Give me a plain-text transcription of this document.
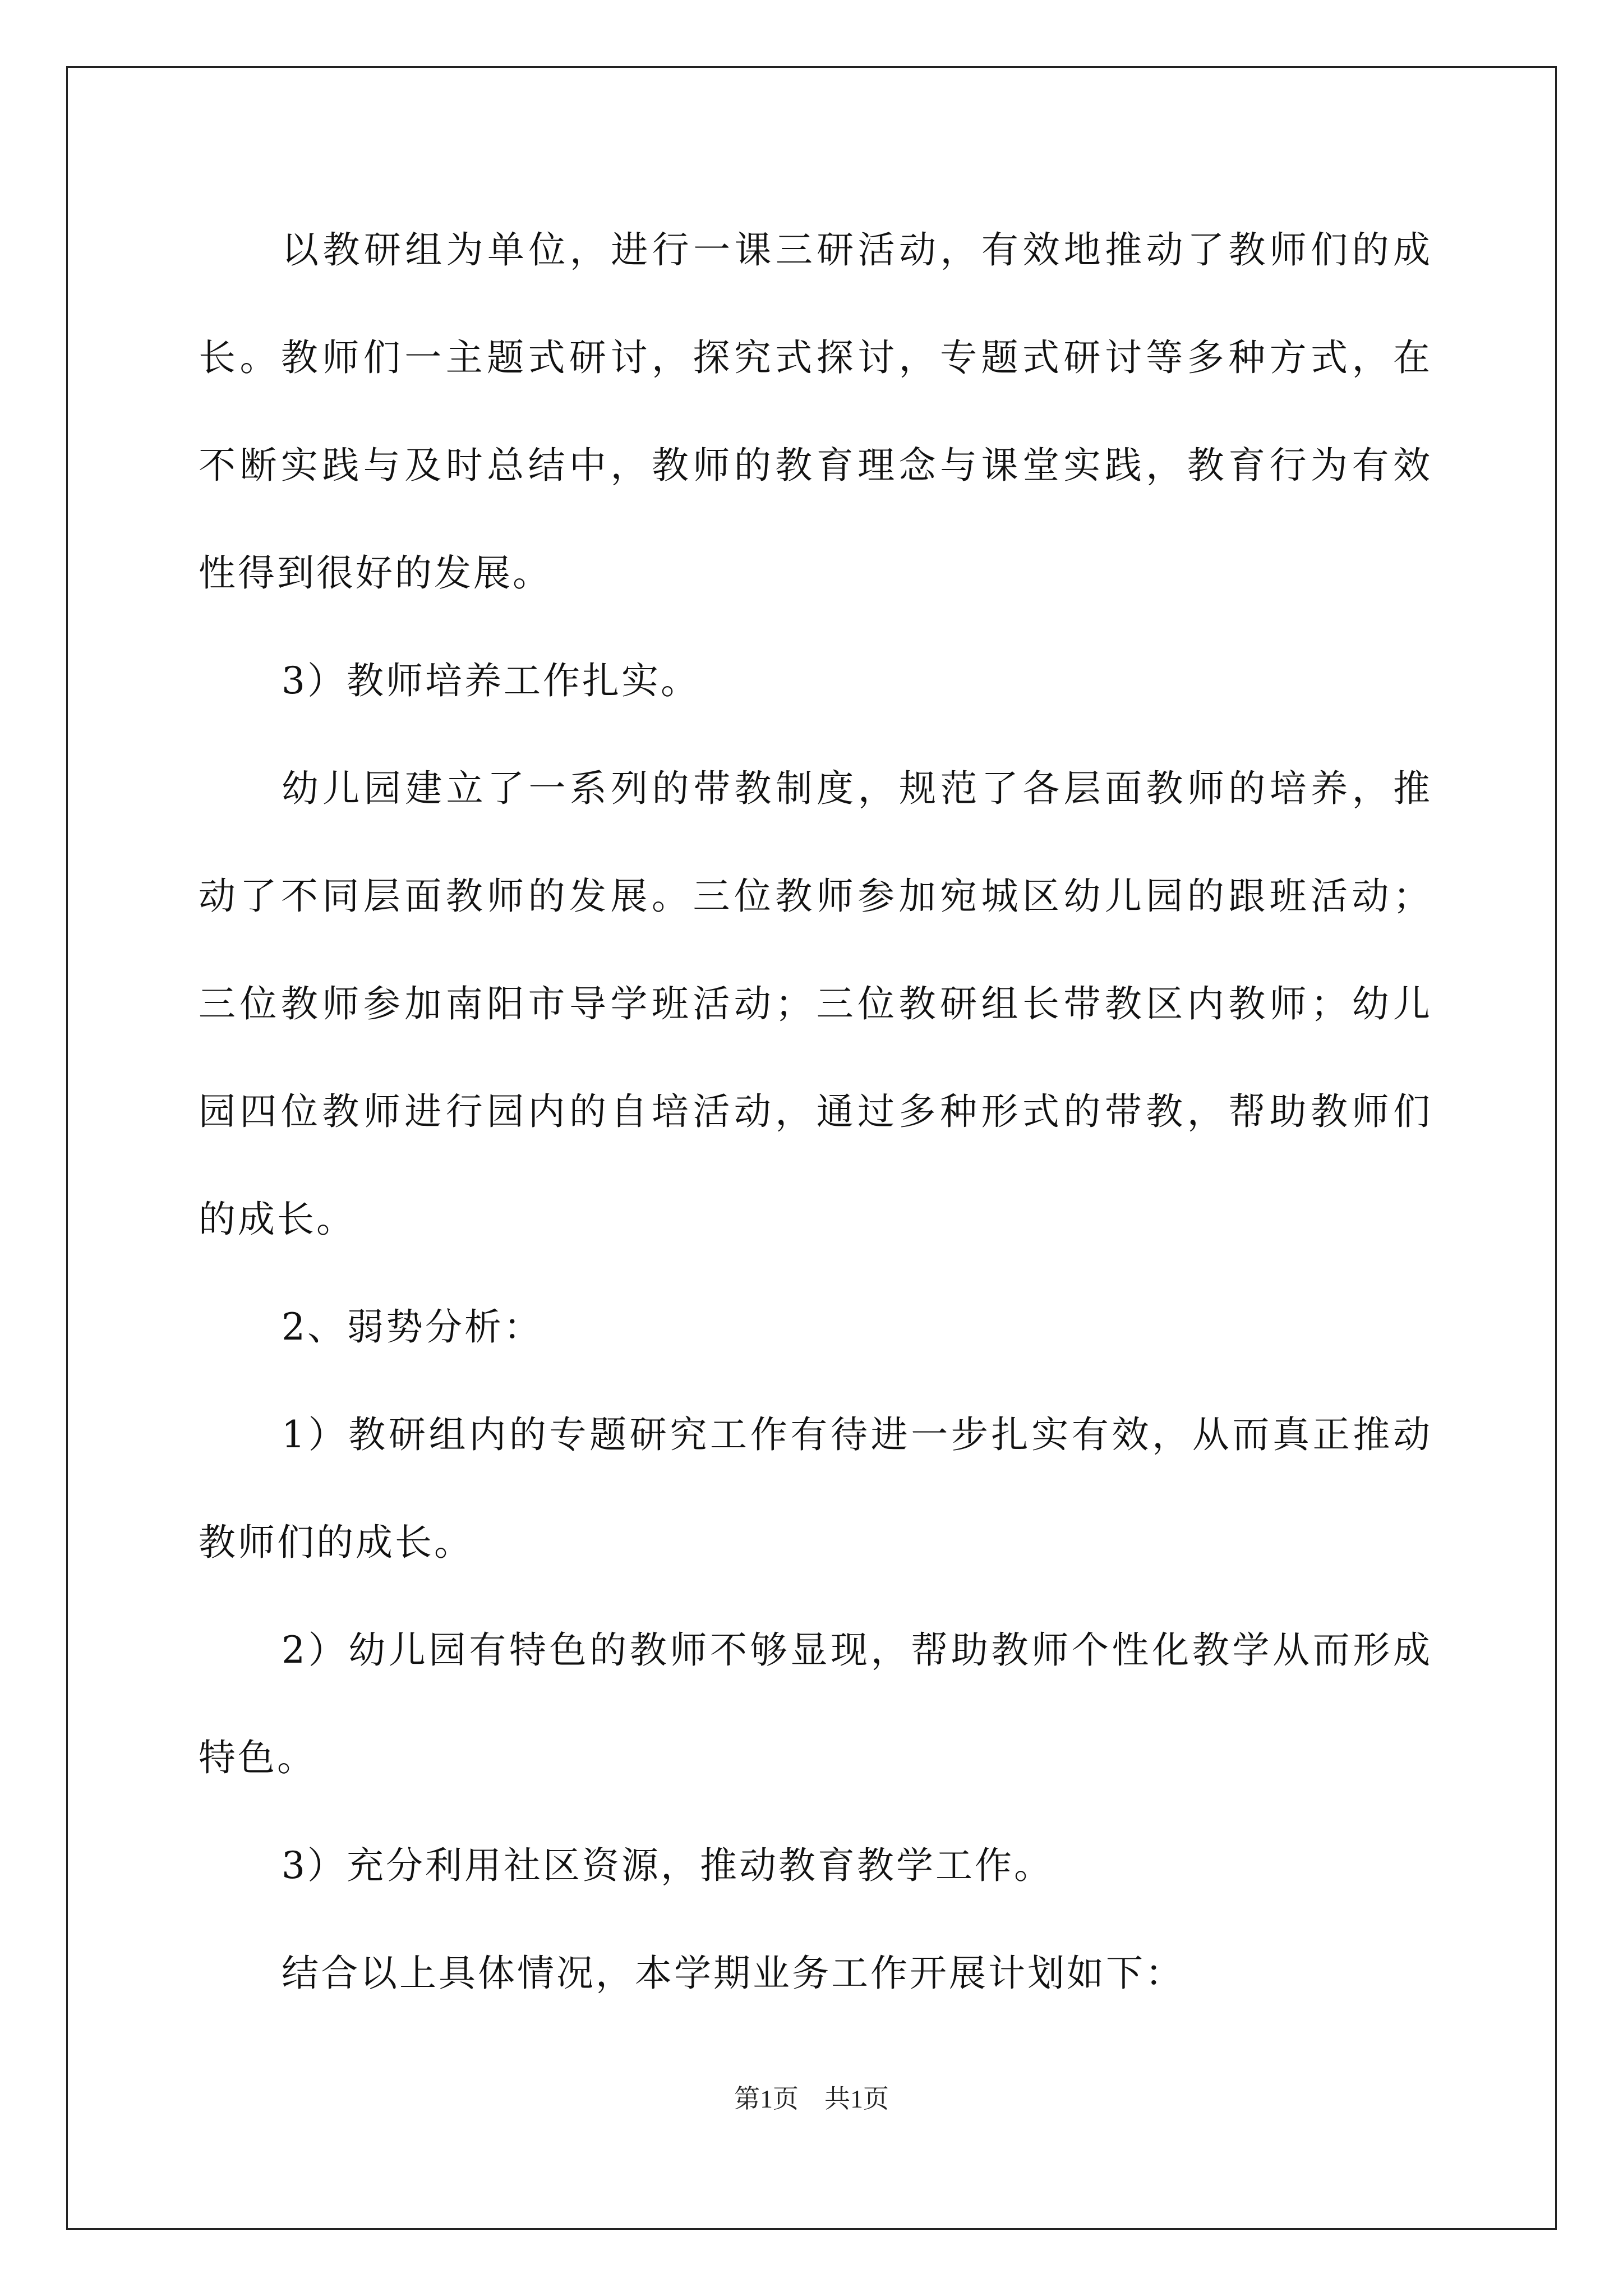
以教研组为单位，进行一课三研活动，有效地推动了教师们的成
长。教师们一主题式研讨，探究式探讨，专题式研讨等多种方式，在
不断实践与及时总结中，教师的教育理念与课堂实践，教育行为有效
性得到很好的发展。
3）教师培养工作扎实。
幼儿园建立了一系列的带教制度，规范了各层面教师的培养，推
动了不同层面教师的发展。三位教师参加宛城区幼儿园的跟班活动；
三位教师参加南阳市导学班活动；三位教研组长带教区内教师；幼儿
园四位教师进行园内的自培活动，通过多种形式的带教，帮助教师们
的成长。
2、弱势分析：
1）教研组内的专题研究工作有待进一步扎实有效，从而真正推动
教师们的成长。
2）幼儿园有特色的教师不够显现，帮助教师个性化教学从而形成
特色。
3）充分利用社区资源，推动教育教学工作。
结合以上具体情况，本学期业务工作开展计划如下：
第1页　共1页
